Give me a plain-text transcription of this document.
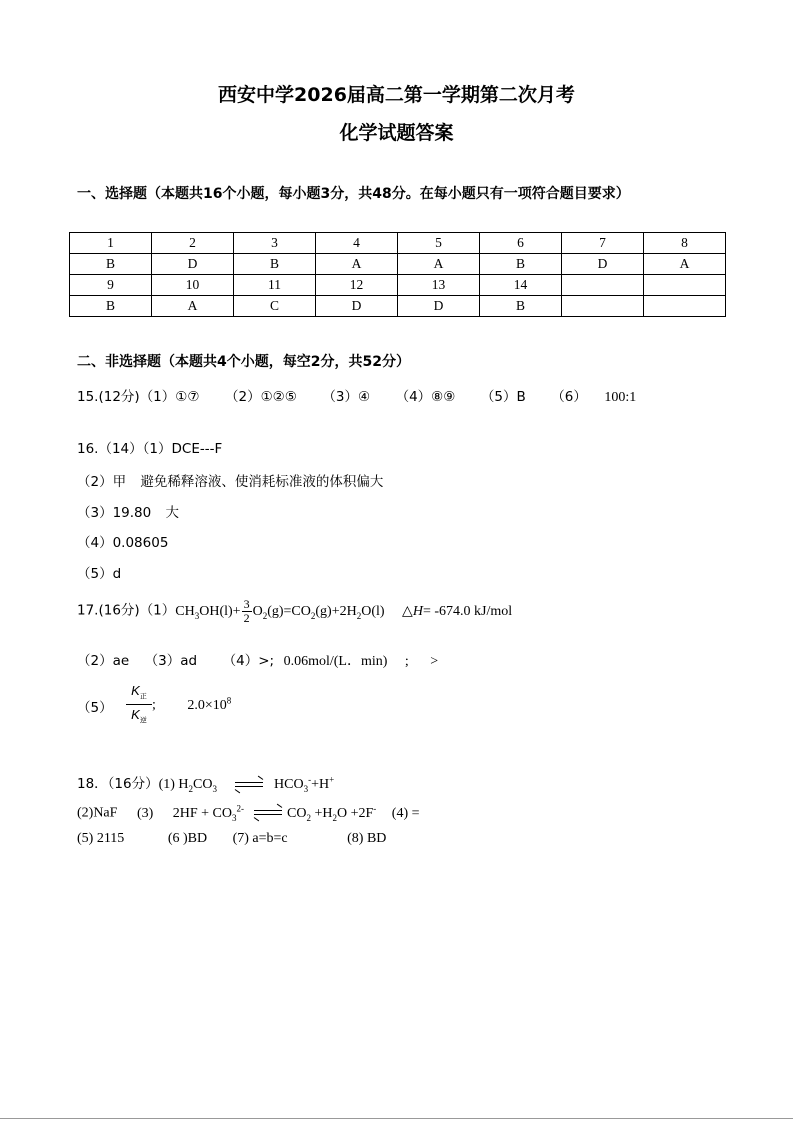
西安中学2026届高二第一学期第二次月考
化学试题答案
一、选择题（本题共16个小题，每小题3分，共48分。在每小题只有一项符合题目要求）
1	2	3	4	5	6	7	8
B	D	B	A	A	B	D	A
9	10	11	12	13	14		
B	A	C	D	D	B		
二、非选择题（本题共4个小题，每空2分，共52分）
15.(12分)（1）①⑦ （2）①②⑤ （3）④ （4）⑧⑨ （5）B （6） 100:1
16.（14）（1）DCE---F
（2）甲 避免稀释溶液、使消耗标准液的体积偏大
（3）19.80 大
（4）0.08605
（5）d
17.(16分)$(1)CH_3OH(l)+ \frac{3}{2} O_2(g)=CO_2(g)+2H_2O(l)$ △H= -674.0 kJ/mol
（2）ae （3）ad （4）>; 0.06mol/(L．min) ; >
（5）
$K_正$
$K_逆$
; $2.0\times 10^8$
18．（16分）(1) $H_2CO_3$	$HCO_3^-+H^+$
(2)NaF (3) $2HF + CO_3^{2-}$	$CO_2 +H_2O +2F^-$ (4) =
(5) 2115	(6 )BD (7) a=b=c	(8) BD
